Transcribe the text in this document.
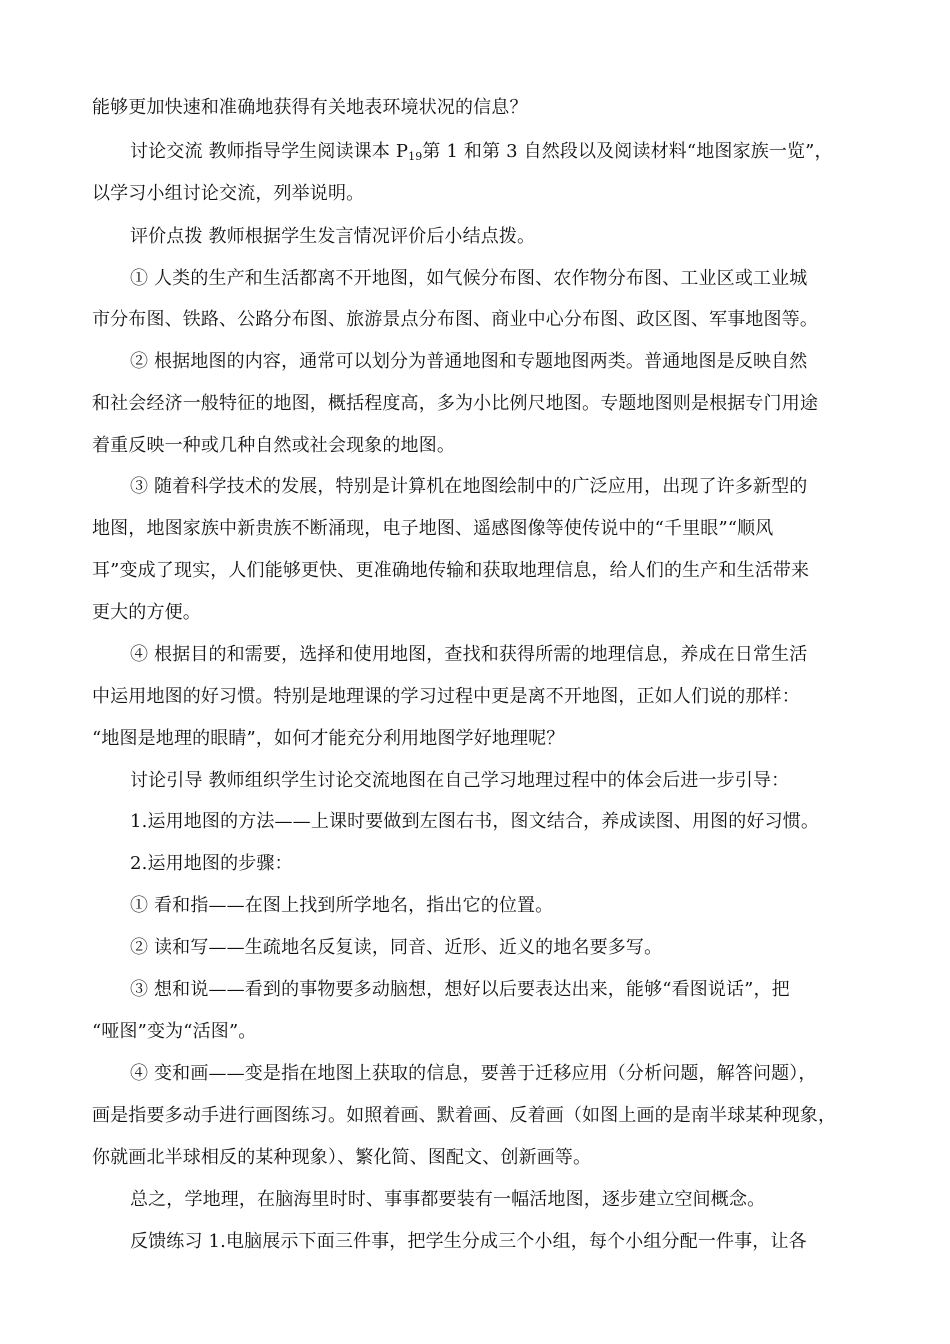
能够更加快速和准确地获得有关地表环境状况的信息？
讨论交流 教师指导学生阅读课本 $P_{19}$第 1 和第 3 自然段以及阅读材料“地图家族一览”，
以学习小组讨论交流，列举说明。
评价点拨 教师根据学生发言情况评价后小结点拨。
① 人类的生产和生活都离不开地图，如气候分布图、农作物分布图、工业区或工业城
市分布图、铁路、公路分布图、旅游景点分布图、商业中心分布图、政区图、军事地图等。
② 根据地图的内容，通常可以划分为普通地图和专题地图两类。普通地图是反映自然
和社会经济一般特征的地图，概括程度高，多为小比例尺地图。专题地图则是根据专门用途
着重反映一种或几种自然或社会现象的地图。
③ 随着科学技术的发展，特别是计算机在地图绘制中的广泛应用，出现了许多新型的
地图，地图家族中新贵族不断涌现，电子地图、遥感图像等使传说中的“千里眼”“顺风
耳”变成了现实，人们能够更快、更准确地传输和获取地理信息，给人们的生产和生活带来
更大的方便。
④ 根据目的和需要，选择和使用地图，查找和获得所需的地理信息，养成在日常生活
中运用地图的好习惯。特别是地理课的学习过程中更是离不开地图，正如人们说的那样：
“地图是地理的眼睛”，如何才能充分利用地图学好地理呢？
讨论引导 教师组织学生讨论交流地图在自己学习地理过程中的体会后进一步引导：
1.运用地图的方法——上课时要做到左图右书，图文结合，养成读图、用图的好习惯。
2.运用地图的步骤：
① 看和指——在图上找到所学地名，指出它的位置。
② 读和写——生疏地名反复读，同音、近形、近义的地名要多写。
③ 想和说——看到的事物要多动脑想，想好以后要表达出来，能够“看图说话”，把
“哑图”变为“活图”。
④ 变和画——变是指在地图上获取的信息，要善于迁移应用（分析问题，解答问题），
画是指要多动手进行画图练习。如照着画、默着画、反着画（如图上画的是南半球某种现象，
你就画北半球相反的某种现象）、繁化简、图配文、创新画等。
总之，学地理，在脑海里时时、事事都要装有一幅活地图，逐步建立空间概念。
反馈练习 1.电脑展示下面三件事，把学生分成三个小组，每个小组分配一件事，让各
